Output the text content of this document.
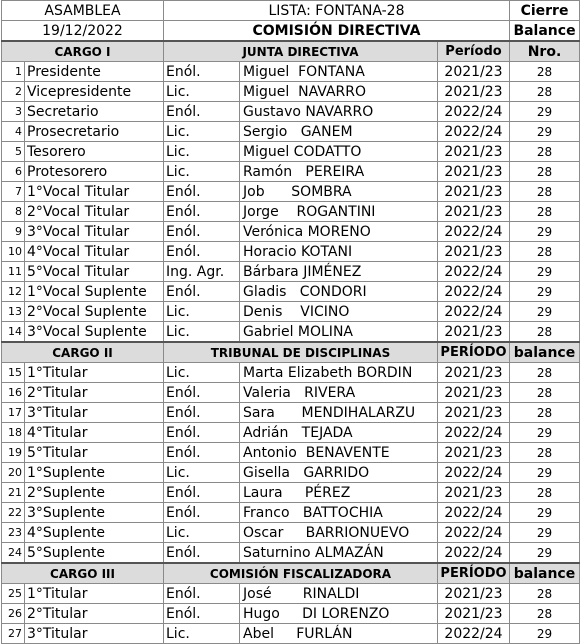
ASAMBLEA		LISTA: FONTANA-28			Cierre
19/12/2022		COMISIÓN DIRECTIVA			Balance
CARGO I		JUNTA DIRECTIVA		Período	Nro.
1	Presidente	Enól.	Miguel  FONTANA	2021/23	28
2	Vicepresidente	Lic.	Miguel  NAVARRO	2021/23	28
3	Secretario	Enól.	Gustavo NAVARRO	2022/24	29
4	Prosecretario	Lic.	Sergio   GANEM	2022/24	29
5	Tesorero	Lic.	Miguel CODATTO	2021/23	28
6	Protesorero	Lic.	Ramón   PEREIRA	2021/23	28
7	1°Vocal Titular	Enól.	Job      SOMBRA	2021/23	28
8	2°Vocal Titular	Enól.	Jorge    ROGANTINI	2021/23	28
9	3°Vocal Titular	Enól.	Verónica MORENO	2022/24	29
10	4°Vocal Titular	Enól.	Horacio KOTANI	2021/23	28
11	5°Vocal Titular	Ing. Agr.	Bárbara JIMÉNEZ	2022/24	29
12	1°Vocal Suplente	Enól.	Gladis   CONDORI	2022/24	29
13	2°Vocal Suplente	Lic.	Denis    VICINO	2022/24	29
14	3°Vocal Suplente	Lic.	Gabriel MOLINA	2021/23	28
CARGO II		TRIBUNAL DE DISCIPLINAS		PERÍODO	balance
15	1°Titular	Lic.	Marta Elizabeth BORDIN	2021/23	28
16	2°Titular	Enól.	Valeria   RIVERA	2021/23	28
17	3°Titular	Enól.	Sara      MENDIHALARZU	2021/23	28
18	4°Titular	Enól.	Adrián   TEJADA	2022/24	29
19	5°Titular	Enól.	Antonio  BENAVENTE	2021/23	28
20	1°Suplente	Lic.	Gisella   GARRIDO	2022/24	29
21	2°Suplente	Enól.	Laura     PÉREZ	2021/23	28
22	3°Suplente	Enól.	Franco   BATTOCHIA	2022/24	29
23	4°Suplente	Lic.	Oscar     BARRIONUEVO	2022/24	29
24	5°Suplente	Enól.	Saturnino ALMAZÁN	2022/24	29
CARGO III		COMISIÓN FISCALIZADORA		PERÍODO	balance
25	1°Titular	Enól.	José       RINALDI	2021/23	28
26	2°Titular	Enól.	Hugo     DI LORENZO	2021/23	28
27	3°Titular	Lic.	Abel     FURLÁN	2022/24	29
